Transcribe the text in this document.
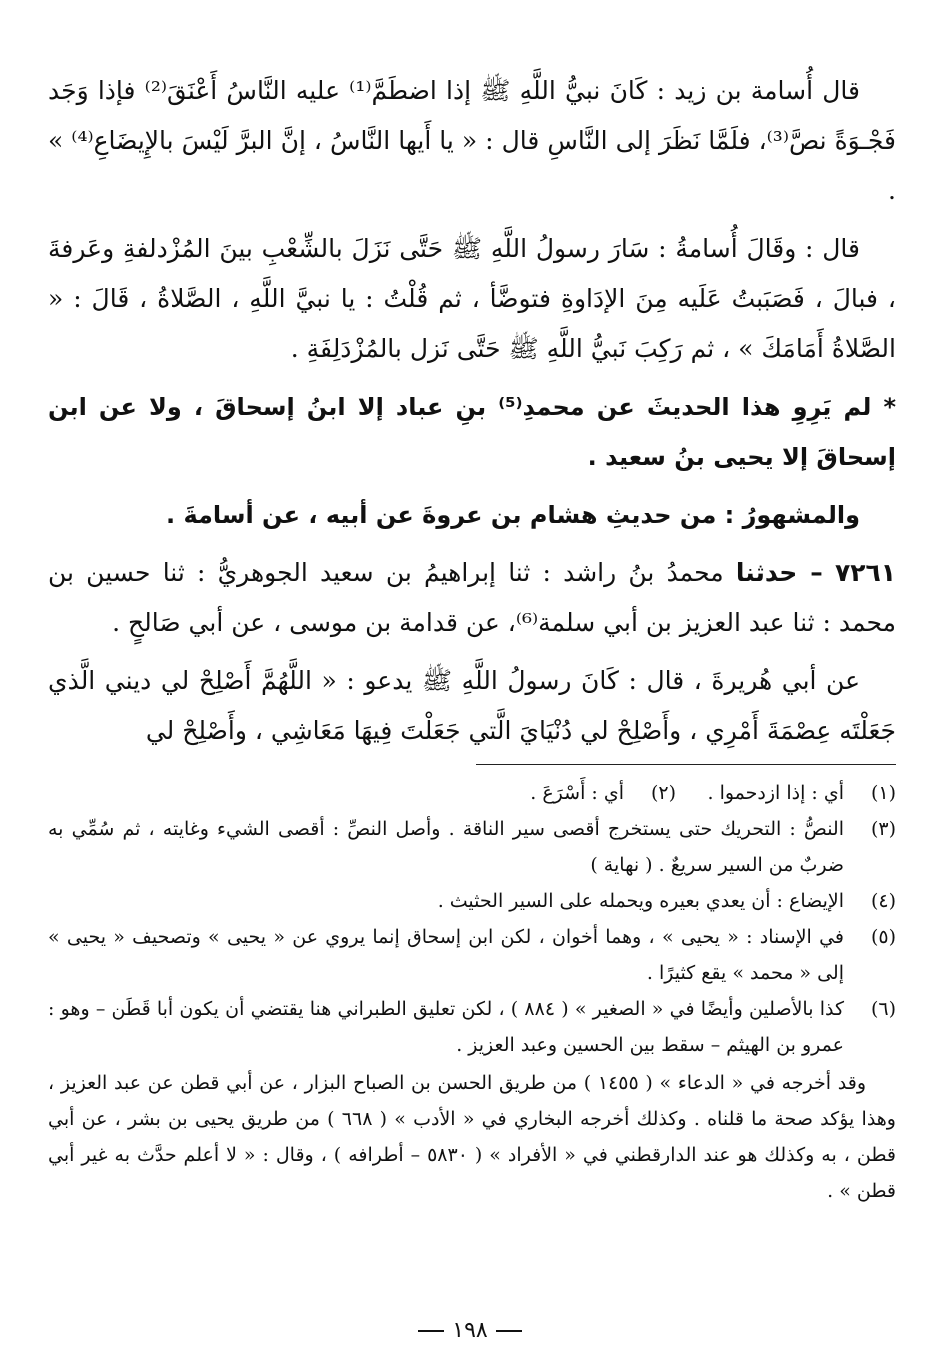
قال أُسامة بن زيد : كَانَ نبيُّ اللَّهِ ﷺ إذا اضطَمَّ⁽¹⁾ عليه النَّاسُ أَعْنَقَ⁽²⁾ فإذا وَجَد فَجْـوَةً نصَّ⁽³⁾، فلَمَّا نَظَرَ إلى النَّاسِ قال : « يا أَيها النَّاسُ ، إنَّ البرَّ لَيْسَ بالإِيضَاعِ⁽⁴⁾ » .

قال : وقَالَ أُسامةُ : سَارَ رسولُ اللَّهِ ﷺ حَتَّى نَزَلَ بالشِّعْبِ بينَ المُزْدلفةِ وعَرفةَ ، فبالَ ، فَصَبَبتُ عَلَيه مِنَ الإدَاوةِ فتوضَّأ ، ثم قُلْتُ : يا نبيَّ اللَّهِ ، الصَّلاةُ ، قَالَ : « الصَّلاةُ أَمَامَكَ » ، ثم رَكِبَ نَبيُّ اللَّهِ ﷺ حَتَّى نَزل بالمُزْدَلِفَةِ .

* لم يَرِوِ هذا الحديثَ عن محمدِ⁽⁵⁾ بنِ عباد إلا ابنُ إسحاقَ ، ولا عن ابن إسحاقَ إلا يحيى بنُ سعيد .

والمشهورُ : من حديثِ هشام بن عروةَ عن أبيه ، عن أسامةَ .

٧٢٦١ – حدثنا محمدُ بنُ راشد : ثنا إبراهيمُ بن سعيد الجوهريُّ : ثنا حسين بن محمد : ثنا عبد العزيز بن أبي سلمة⁽⁶⁾، عن قدامة بن موسى ، عن أبي صَالحٍ .

عن أبي هُريرةَ ، قال : كَانَ رسولُ اللَّهِ ﷺ يدعو : « اللَّهُمَّ أَصْلِحْ لي ديني الَّذي جَعَلْتَه عِصْمَةَ أَمْرِي ، وأَصْلِحْ لي دُنْيَايَ الَّتي جَعَلْتَ فِيهَا مَعَاشِي ، وأَصْلِحْ لي

(١)
أي : إذا ازدحموا .
(٢)
أي : أَسْرَعَ .
(٣)
النصُّ : التحريك حتى يستخرج أقصى سير الناقة . وأصل النصِّ : أقصى الشيء وغايته ، ثم سُمِّي به ضربٌ من السير سريعٌ . ( نهاية )
(٤)
الإيضاع : أن يعدي بعيره ويحمله على السير الحثيث .
(٥)
في الإسناد : « يحيى » ، وهما أخوان ، لكن ابن إسحاق إنما يروي عن « يحيى » وتصحيف « يحيى » إلى « محمد » يقع كثيرًا .
(٦)
كذا بالأصلين وأيضًا في « الصغير » ( ٨٨٤ ) ، لكن تعليق الطبراني هنا يقتضي أن يكون أبا قَطَن – وهو : عمرو بن الهيثم – سقط بين الحسين وعبد العزيز .

وقد أخرجه في « الدعاء » ( ١٤٥٥ ) من طريق الحسن بن الصباح البزار ، عن أبي قطن عن عبد العزيز ، وهذا يؤكد صحة ما قلناه . وكذلك أخرجه البخاري في « الأدب » ( ٦٦٨ ) من طريق يحيى بن بشر ، عن أبي قطن ، به وكذلك هو عند الدارقطني في « الأفراد » ( ٥٨٣٠ – أطرافه ) ، وقال : « لا أعلم حدَّث به غير أبي قطن » .

١٩٨
